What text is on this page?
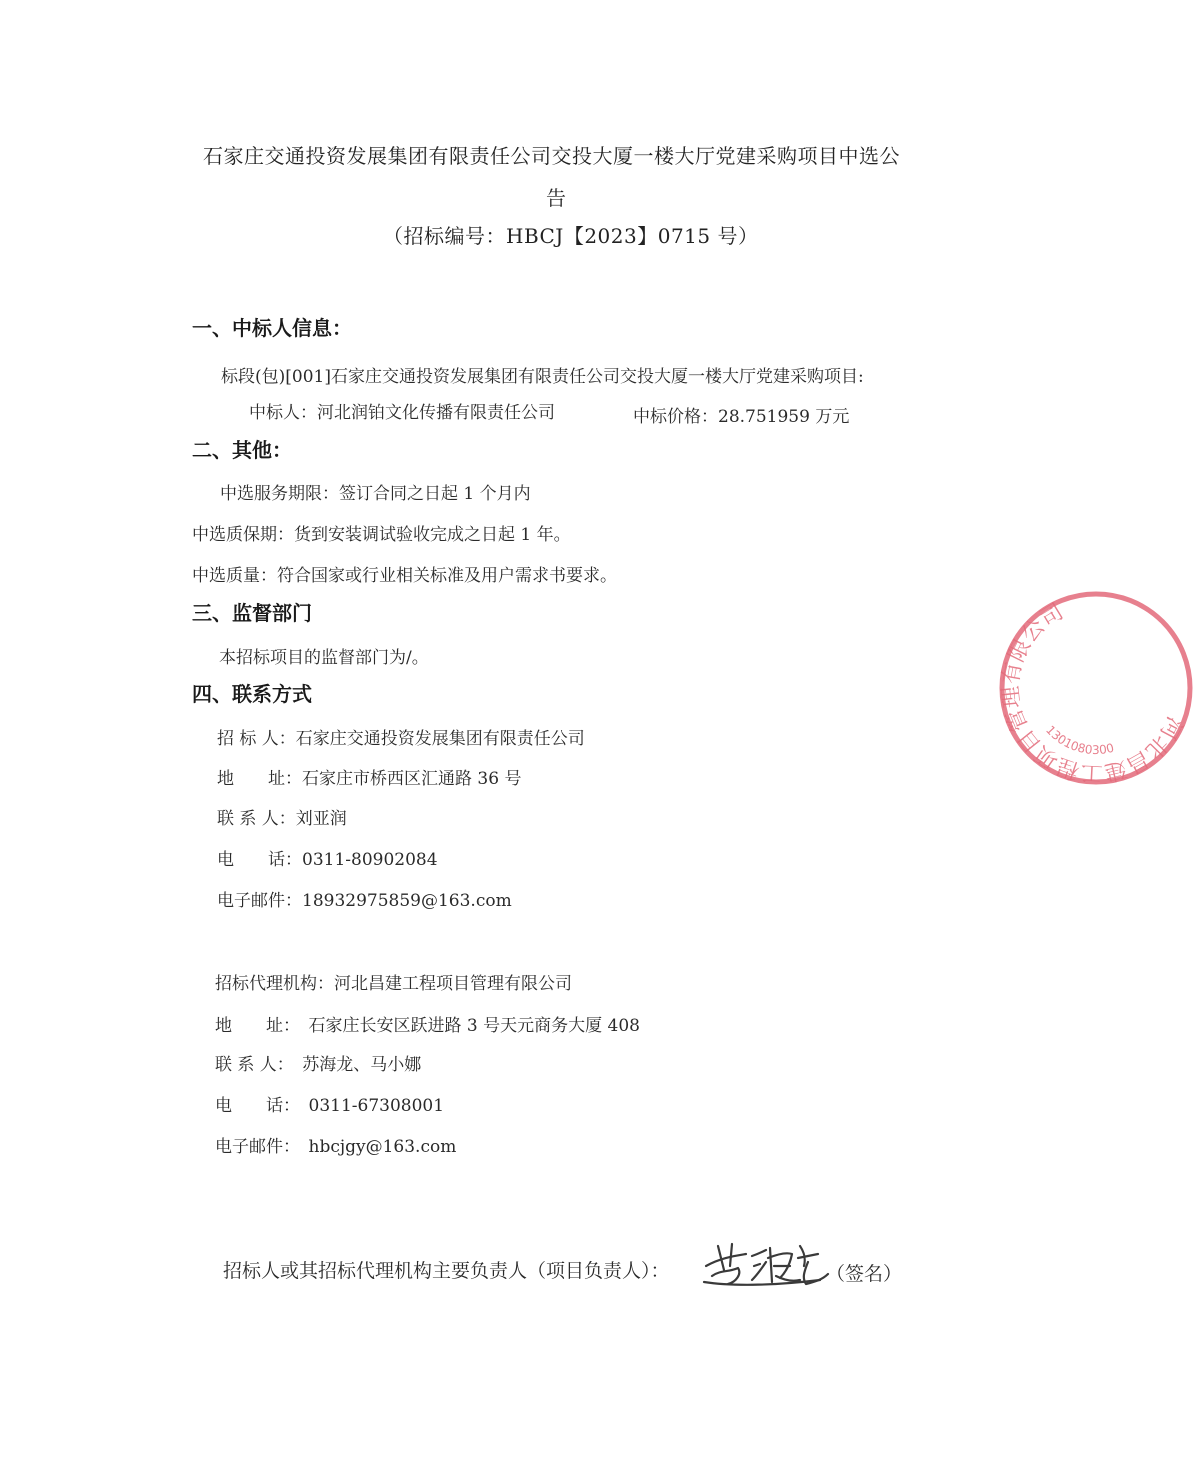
石家庄交通投资发展集团有限责任公司交投大厦一楼大厅党建采购项目中选公
告
（招标编号：HBCJ【2023】0715 号）
一、中标人信息：
标段(包)[001]石家庄交通投资发展集团有限责任公司交投大厦一楼大厅党建采购项目:
中标人：河北润铂文化传播有限责任公司	中标价格：28.751959 万元
二、其他：
中选服务期限：签订合同之日起 1 个月内
中选质保期：货到安装调试验收完成之日起 1 年。
中选质量：符合国家或行业相关标准及用户需求书要求。
三、监督部门
本招标项目的监督部门为/。
四、联系方式
招 标 人：石家庄交通投资发展集团有限责任公司
地　　址：石家庄市桥西区汇通路 36 号
联 系 人：刘亚润
电　　话：0311-80902084
电子邮件：18932975859@163.com
招标代理机构：河北昌建工程项目管理有限公司
地　　址：　石家庄长安区跃进路 3 号天元商务大厦 408
联 系 人：　苏海龙、马小娜
电　　话：　0311-67308001
电子邮件：　hbcjgy@163.com
招标人或其招标代理机构主要负责人（项目负责人）：	（签名）
河北昌建工程项目管理有限公司
1301080300
